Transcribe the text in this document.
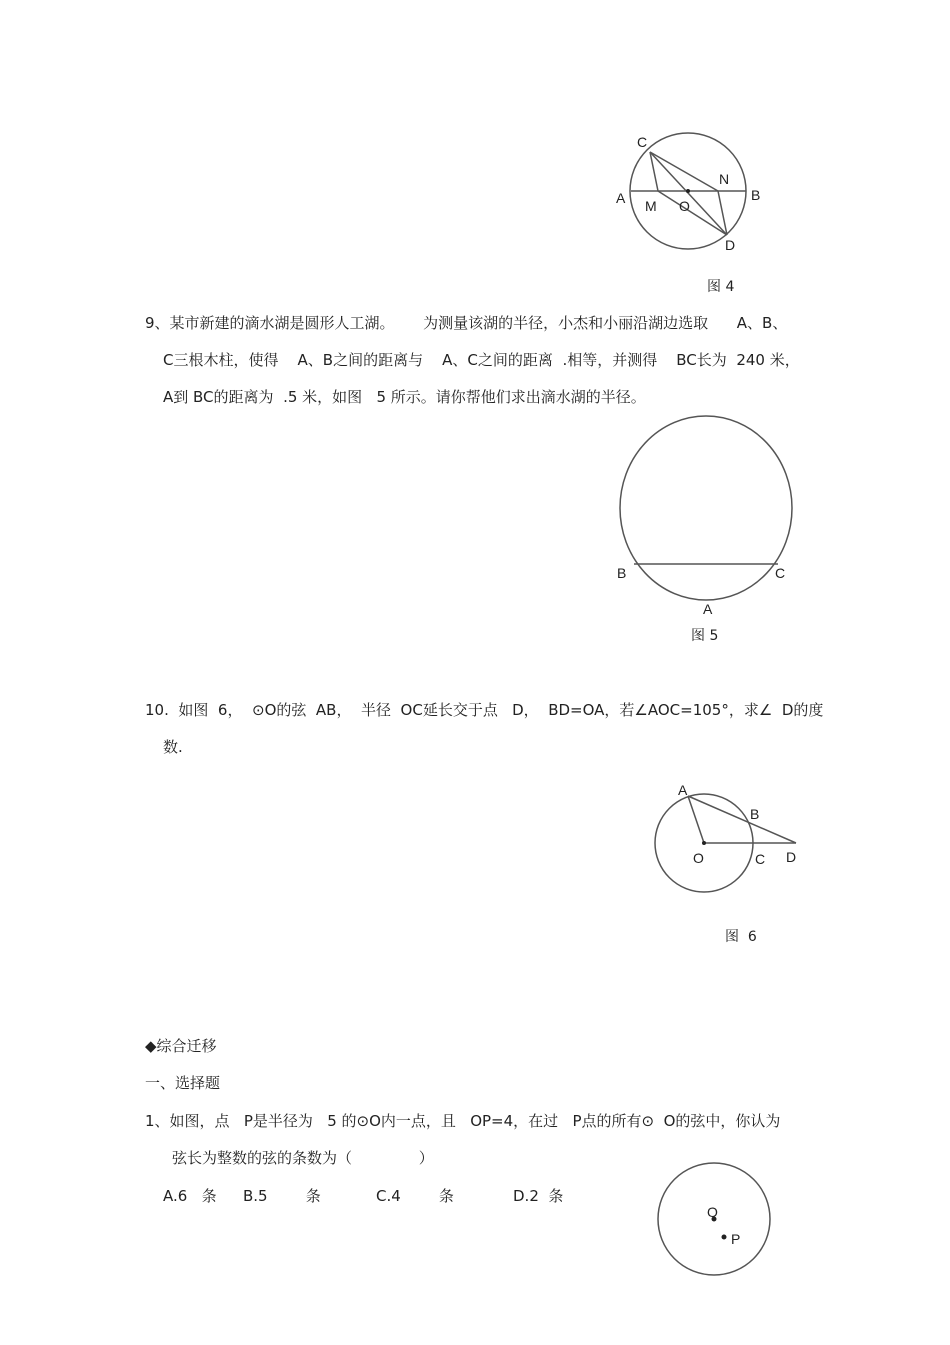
C
N
A	B
M O
D
图 4
9、某市新建的滴水湖是圆形人工湖。      为测量该湖的半径，小杰和小丽沿湖边选取      A、B、
C三根木柱，使得    A、B之间的距离与    A、C之间的距离  .相等，并测得    BC长为  240 米，
A到 BC的距离为  .5 米，如图   5 所示。请你帮他们求出滴水湖的半径。
B	C
A
图 5
10.  如图  6，  ⊙O的弦  AB，  半径  OC延长交于点   D，  BD=OA，若∠AOC=105°，求∠  D的度
数.
A
B
O	C D
图  6
◆综合迁移
一、选择题
1、如图，点   P是半径为   5 的⊙O内一点，且   OP=4，在过   P点的所有⊙  O的弦中，你认为
弦长为整数的弦的条数为（              ）
A.6   条 B.5        条	C.4        条	D.2  条
O
P
